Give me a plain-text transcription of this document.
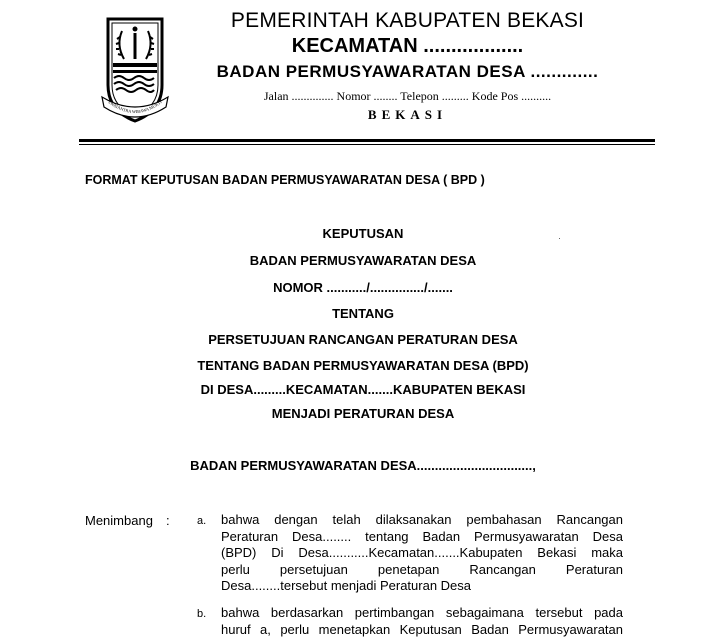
SWATANTRA WIBAWA MUKTI
PEMERINTAH KABUPATEN BEKASI
KECAMATAN ..................
BADAN PERMUSYAWARATAN DESA .............
Jalan .............. Nomor ........ Telepon ......... Kode Pos ..........
BEKASI
FORMAT KEPUTUSAN BADAN PERMUSYAWARATAN DESA ( BPD )
KEPUTUSAN
BADAN PERMUSYAWARATAN DESA
NOMOR .........../.............../.......
TENTANG
PERSETUJUAN RANCANGAN PERATURAN DESA
TENTANG BADAN PERMUSYAWARATAN DESA (BPD)
DI DESA.........KECAMATAN.......KABUPATEN BEKASI
MENJADI PERATURAN DESA
BADAN PERMUSYAWARATAN DESA................................,
Menimbang : a. bahwa dengan telah dilaksanakan pembahasan Rancangan
Peraturan Desa........ tentang Badan Permusyawaratan Desa
(BPD) Di Desa...........Kecamatan.......Kabupaten Bekasi maka
perlu persetujuan penetapan Rancangan Peraturan
Desa........tersebut menjadi Peraturan Desa
b. bahwa berdasarkan pertimbangan sebagaimana tersebut pada
huruf a, perlu menetapkan Keputusan Badan Permusyawaratan
